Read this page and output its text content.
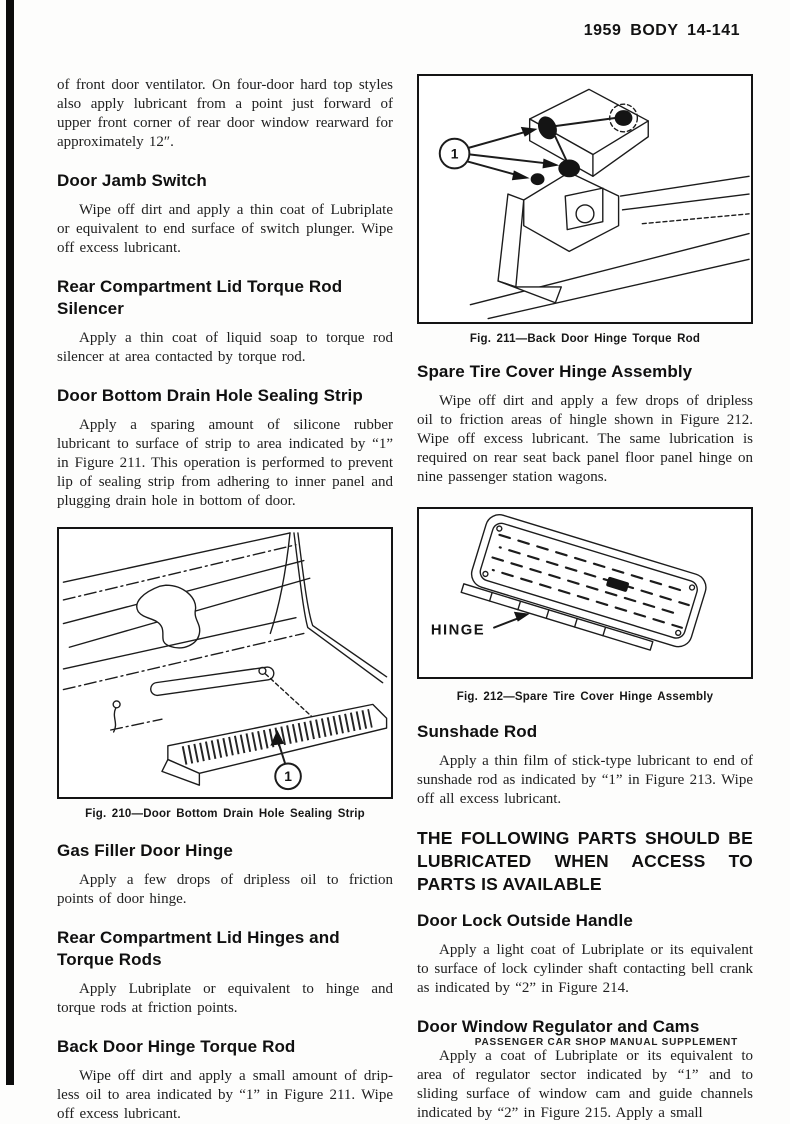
1959 BODY 14-141

of front door ventilator. On four-door hard top styles also apply lubricant from a point just forward of upper front corner of rear door window rearward for approximately 12″.

Door Jamb Switch

Wipe off dirt and apply a thin coat of Lubriplate or equivalent to end surface of switch plunger. Wipe off excess lubricant.

Rear Compartment Lid Torque Rod Silencer

Apply a thin coat of liquid soap to torque rod silencer at area contacted by torque rod.

Door Bottom Drain Hole Sealing Strip

Apply a sparing amount of silicone rubber lubricant to surface of strip to area indicated by “1” in Figure 211. This operation is performed to prevent lip of sealing strip from adhering to inner panel and plugging drain hole in bottom of door.

1
Fig. 210—Door Bottom Drain Hole Sealing Strip
Gas Filler Door Hinge

Apply a few drops of dripless oil to friction points of door hinge.

Rear Compartment Lid Hinges and Torque Rods

Apply Lubriplate or equivalent to hinge and torque rods at friction points.

Back Door Hinge Torque Rod

Wipe off dirt and apply a small amount of dripless oil to area indicated by “1” in Figure 211. Wipe off excess lubricant.

1
Fig. 211—Back Door Hinge Torque Rod
Spare Tire Cover Hinge Assembly

Wipe off dirt and apply a few drops of dripless oil to friction areas of hingle shown in Figure 212. Wipe off excess lubricant. The same lubrication is required on rear seat back panel floor panel hinge on nine passenger station wagons.

HINGE
Fig. 212—Spare Tire Cover Hinge Assembly
Sunshade Rod

Apply a thin film of stick-type lubricant to end of sunshade rod as indicated by “1” in Figure 213. Wipe off all excess lubricant.

THE FOLLOWING PARTS SHOULD BE LUBRICATED WHEN ACCESS TO PARTS IS AVAILABLE
Door Lock Outside Handle

Apply a light coat of Lubriplate or its equivalent to surface of lock cylinder shaft contacting bell crank as indicated by “2” in Figure 214.

Door Window Regulator and Cams

Apply a coat of Lubriplate or its equivalent to area of regulator sector indicated by “1” and to sliding surface of window cam and guide channels indicated by “2” in Figure 215. Apply a small

PASSENGER CAR SHOP MANUAL SUPPLEMENT
